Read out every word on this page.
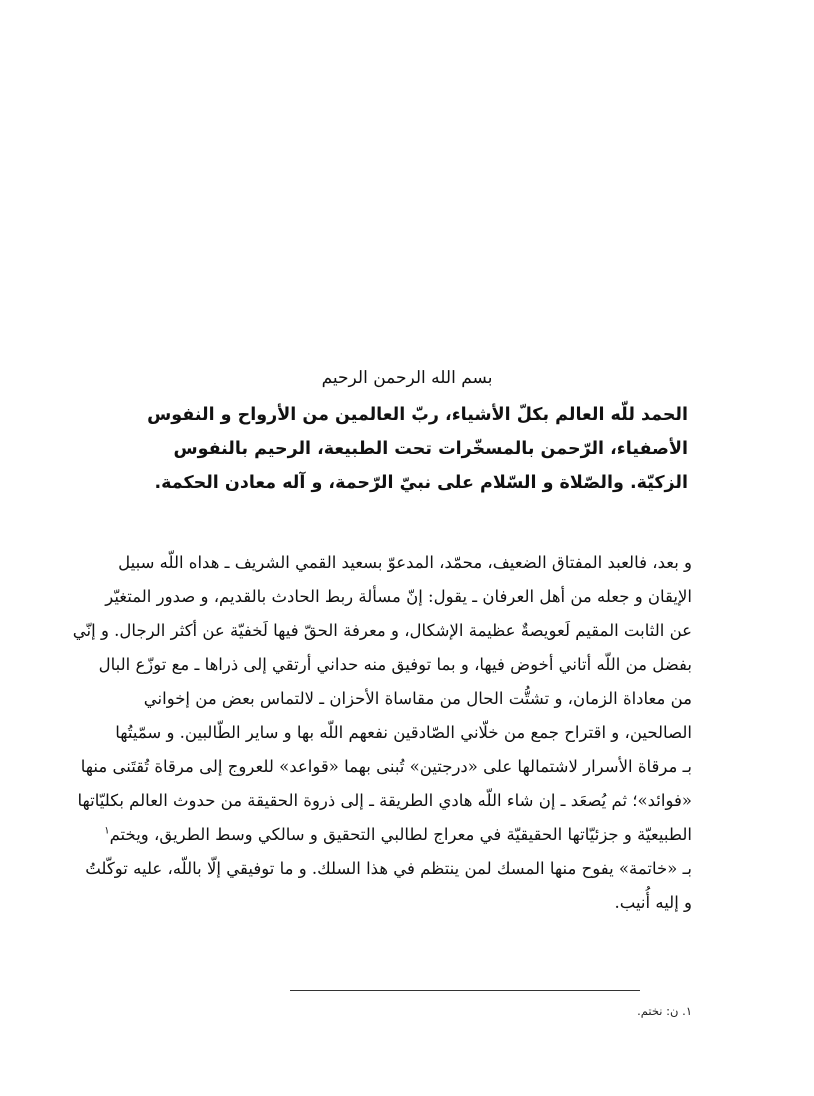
بسم الله الرحمن الرحيم
الحمد للّه العالم بكلّ الأشياء، ربّ العالمين من الأرواح و النفوس
الأصفياء، الرّحمن بالمسخّرات تحت الطبيعة، الرحيم بالنفوس
الزكيّة. والصّلاة و السّلام على نبيّ الرّحمة، و آله معادن الحكمة.
و بعد، فالعبد المفتاق الضعيف، محمّد، المدعوّ بسعيد القمي الشريف ـ هداه اللّه سبيل
الإيقان و جعله من أهل العرفان ـ يقول: إنّ مسألة ربط الحادث بالقديم، و صدور المتغيّر
عن الثابت المقيم لَعويصةٌ عظيمة الإشكال، و معرفة الحقّ فيها لَخفيّة عن أكثر الرجال. و إنّي
بفضل من اللّه أتاني أخوض فيها، و بما توفيق منه حداني أرتقي إلى ذراها ـ مع توزّع البال
من معاداة الزمان، و تشتُّت الحال من مقاساة الأحزان ـ لالتماس بعض من إخواني
الصالحين، و اقتراح جمع من خلّاني الصّادقين نفعهم اللّه بها و ساير الطّالبين. و سمّيتُها
بـ مرقاة الأسرار لاشتمالها على «درجتين» تُبنى بهما «قواعد» للعروج إلى مرقاة تُقتَنى منها
«فوائد»؛ ثم يُصعَد ـ إن شاء اللّه هادي الطريقة ـ إلى ذروة الحقيقة من حدوث العالم بكليّاتها
الطبيعيّة و جزئيّاتها الحقيقيّة في معراج لطالبي التحقيق و سالكي وسط الطريق، ويختم$^١$
بـ «خاتمة» يفوح منها المسك لمن ينتظم في هذا السلك. و ما توفيقي إلّا باللّه، عليه توكّلتُ
و إليه أُنيب.
١. ن: نختم.
